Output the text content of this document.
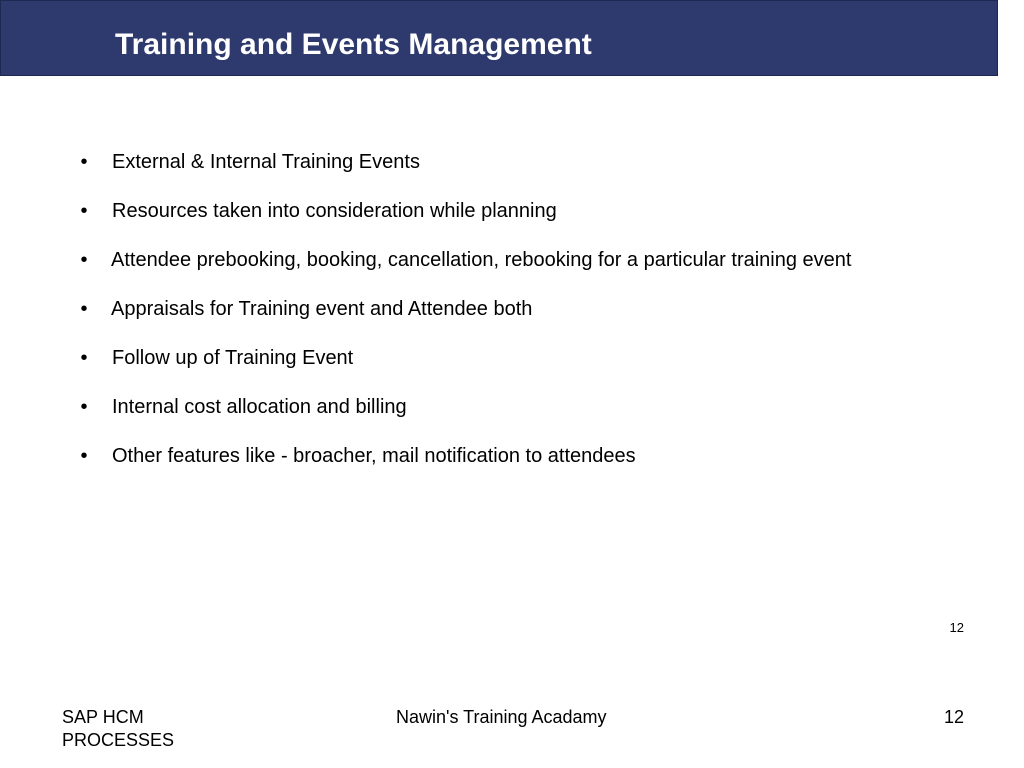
Training and Events Management
•	External & Internal Training Events
•	Resources taken into consideration while planning
•	Attendee prebooking, booking, cancellation, rebooking for a particular training event
•	Appraisals for Training event and Attendee both
•	Follow up of Training Event
•	Internal cost allocation and billing
•	Other features like - broacher, mail notification to attendees
12
SAP HCM PROCESSES
Nawin's Training Acadamy	12
